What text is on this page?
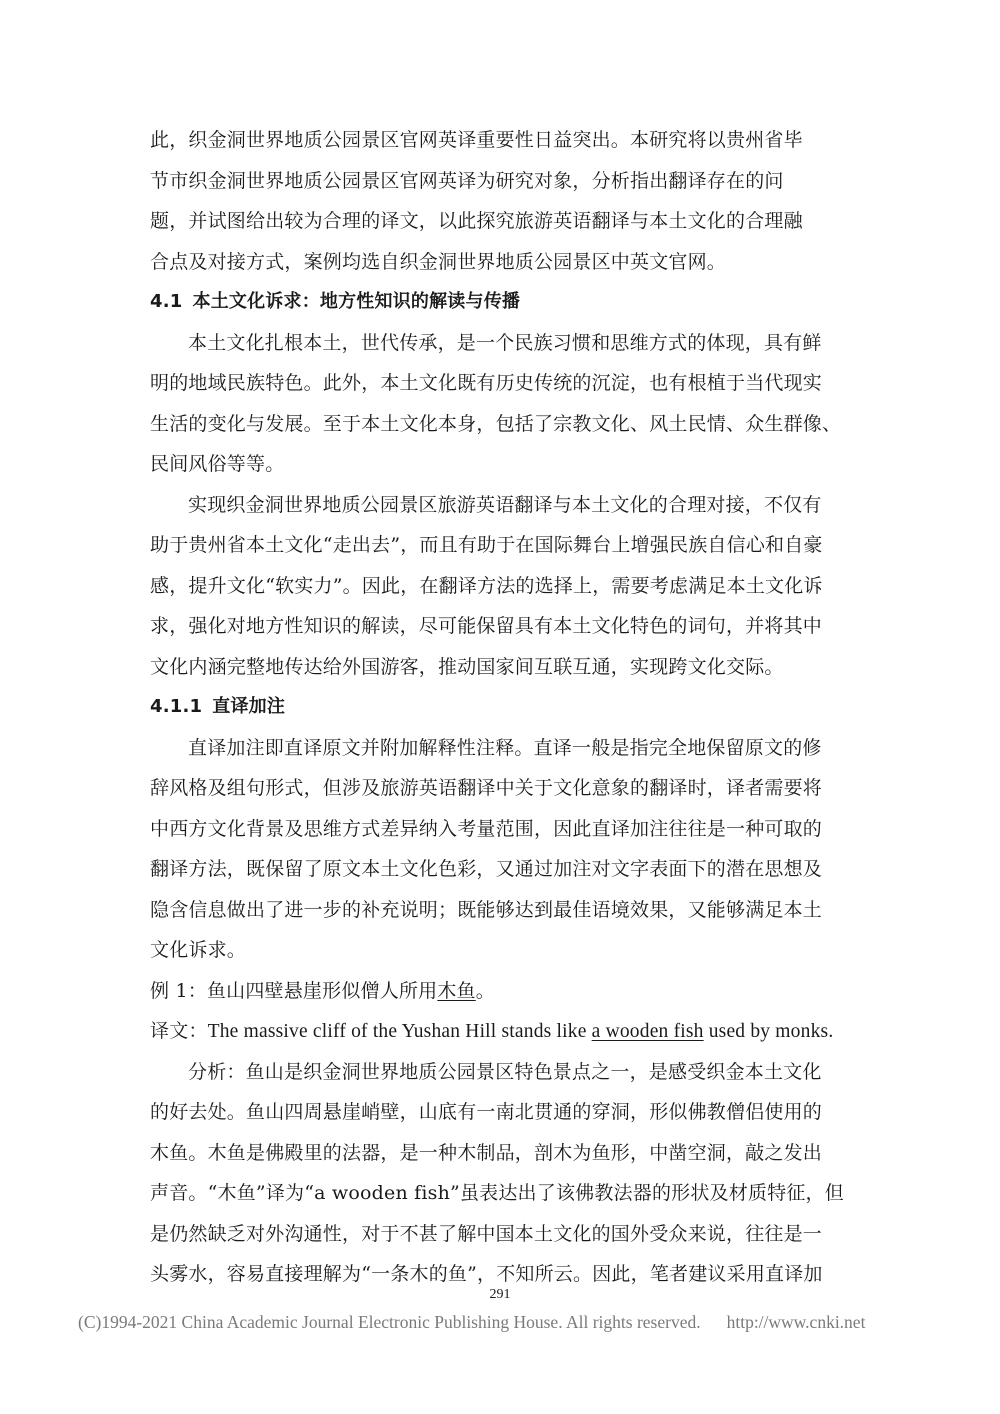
此，织金洞世界地质公园景区官网英译重要性日益突出。本研究将以贵州省毕
节市织金洞世界地质公园景区官网英译为研究对象，分析指出翻译存在的问
题，并试图给出较为合理的译文，以此探究旅游英语翻译与本土文化的合理融
合点及对接方式，案例均选自织金洞世界地质公园景区中英文官网。
4.1 本土文化诉求：地方性知识的解读与传播
本土文化扎根本土，世代传承，是一个民族习惯和思维方式的体现，具有鲜
明的地域民族特色。此外，本土文化既有历史传统的沉淀，也有根植于当代现实
生活的变化与发展。至于本土文化本身，包括了宗教文化、风土民情、众生群像、
民间风俗等等。
实现织金洞世界地质公园景区旅游英语翻译与本土文化的合理对接，不仅有
助于贵州省本土文化“走出去”，而且有助于在国际舞台上增强民族自信心和自豪
感，提升文化“软实力”。因此，在翻译方法的选择上，需要考虑满足本土文化诉
求，强化对地方性知识的解读，尽可能保留具有本土文化特色的词句，并将其中
文化内涵完整地传达给外国游客，推动国家间互联互通，实现跨文化交际。
4.1.1 直译加注
直译加注即直译原文并附加解释性注释。直译一般是指完全地保留原文的修
辞风格及组句形式，但涉及旅游英语翻译中关于文化意象的翻译时，译者需要将
中西方文化背景及思维方式差异纳入考量范围，因此直译加注往往是一种可取的
翻译方法，既保留了原文本土文化色彩，又通过加注对文字表面下的潜在思想及
隐含信息做出了进一步的补充说明；既能够达到最佳语境效果，又能够满足本土
文化诉求。
例 1：鱼山四壁悬崖形似僧人所用木鱼。
译文：The massive cliff of the Yushan Hill stands like a wooden fish used by monks.
分析：鱼山是织金洞世界地质公园景区特色景点之一，是感受织金本土文化
的好去处。鱼山四周悬崖峭壁，山底有一南北贯通的穿洞，形似佛教僧侣使用的
木鱼。木鱼是佛殿里的法器，是一种木制品，剖木为鱼形，中凿空洞，敲之发出
声音。“木鱼”译为“a wooden fish”虽表达出了该佛教法器的形状及材质特征，但
是仍然缺乏对外沟通性，对于不甚了解中国本土文化的国外受众来说，往往是一
头雾水，容易直接理解为“一条木的鱼”，不知所云。因此，笔者建议采用直译加
291
(C)1994-2021 China Academic Journal Electronic Publishing House. All rights reserved. http://www.cnki.net
